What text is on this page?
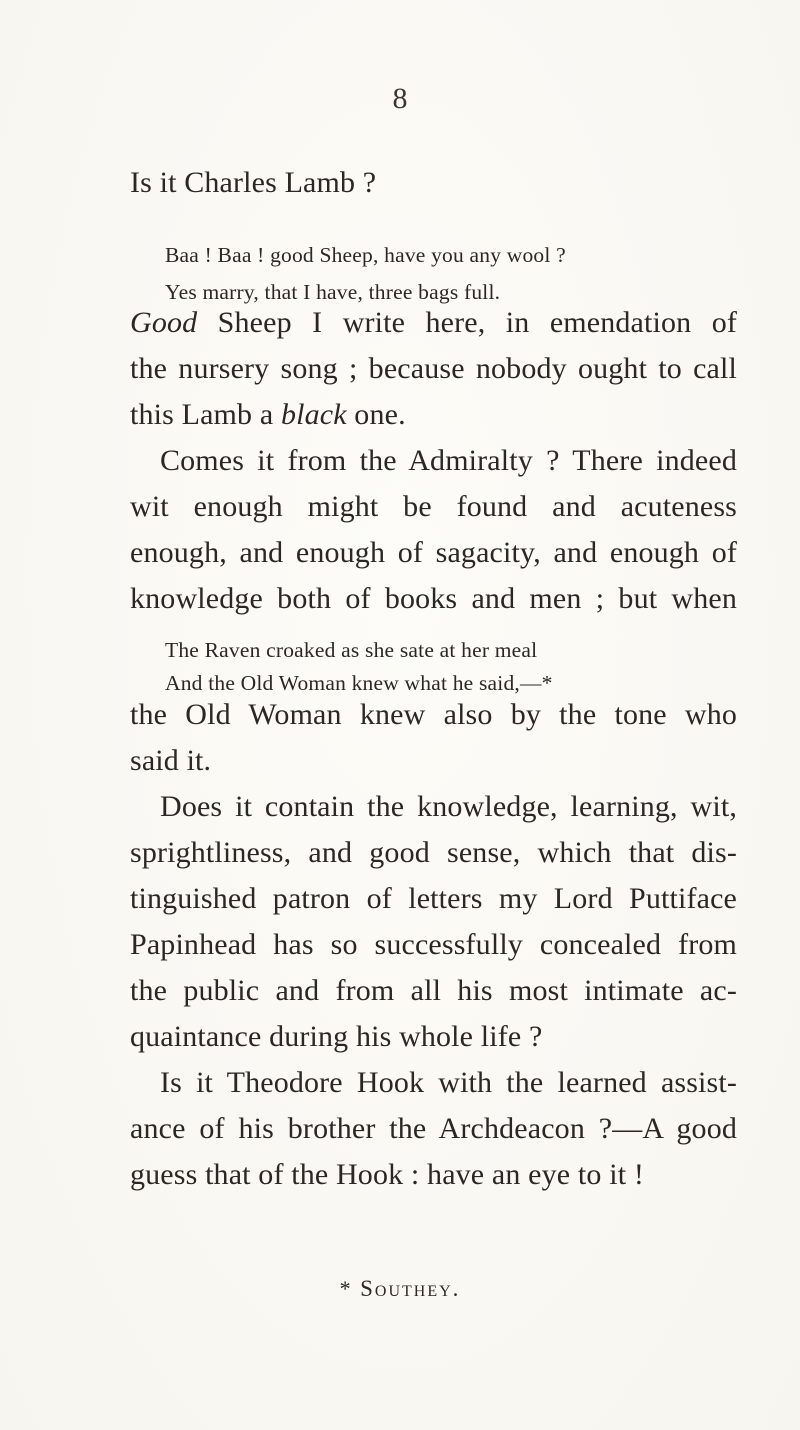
8
Is it Charles Lamb ?
Baa ! Baa ! good Sheep, have you any wool ?
Yes marry, that I have, three bags full.
Good Sheep I write here, in emendation of
the nursery song ; because nobody ought to call
this Lamb a black one.
Comes it from the Admiralty ? There indeed
wit enough might be found and acuteness
enough, and enough of sagacity, and enough of
knowledge both of books and men ; but when
The Raven croaked as she sate at her meal
And the Old Woman knew what he said,—*
the Old Woman knew also by the tone who
said it.
Does it contain the knowledge, learning, wit,
sprightliness, and good sense, which that dis-
tinguished patron of letters my Lord Puttiface
Papinhead has so successfully concealed from
the public and from all his most intimate ac-
quaintance during his whole life ?
Is it Theodore Hook with the learned assist-
ance of his brother the Archdeacon ?—A good
guess that of the Hook : have an eye to it !
* Southey.
